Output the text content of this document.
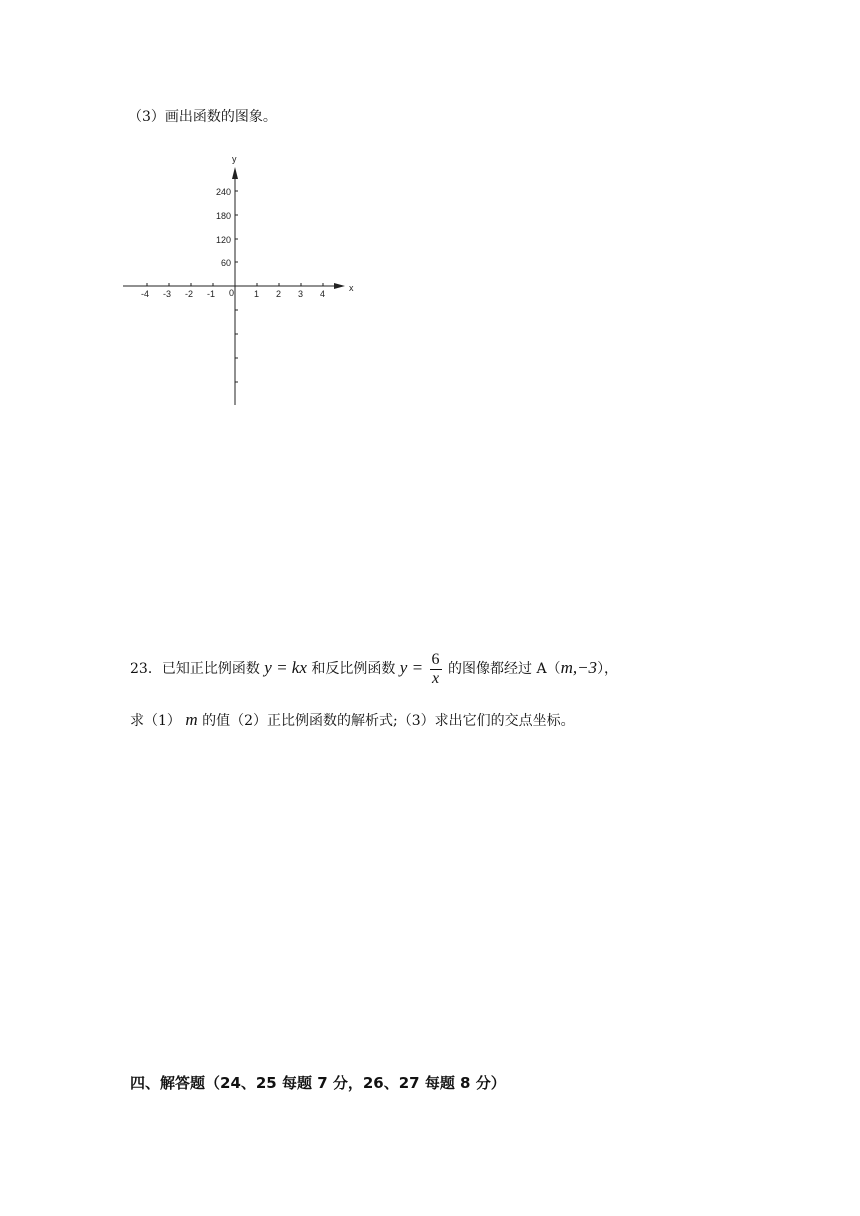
（3）画出函数的图象。
x
y
0
-4 -3 -2 -1	1 2 3 4
240
180
120
60
23．已知正比例函数 y = kx 和反比例函数 $y = \frac{6}{x}$ 的图像都经过 A（m,−3），
求（1） m 的值（2）正比例函数的解析式;（3）求出它们的交点坐标。
四、解答题（24、25 每题 7 分，26、27 每题 8 分）
